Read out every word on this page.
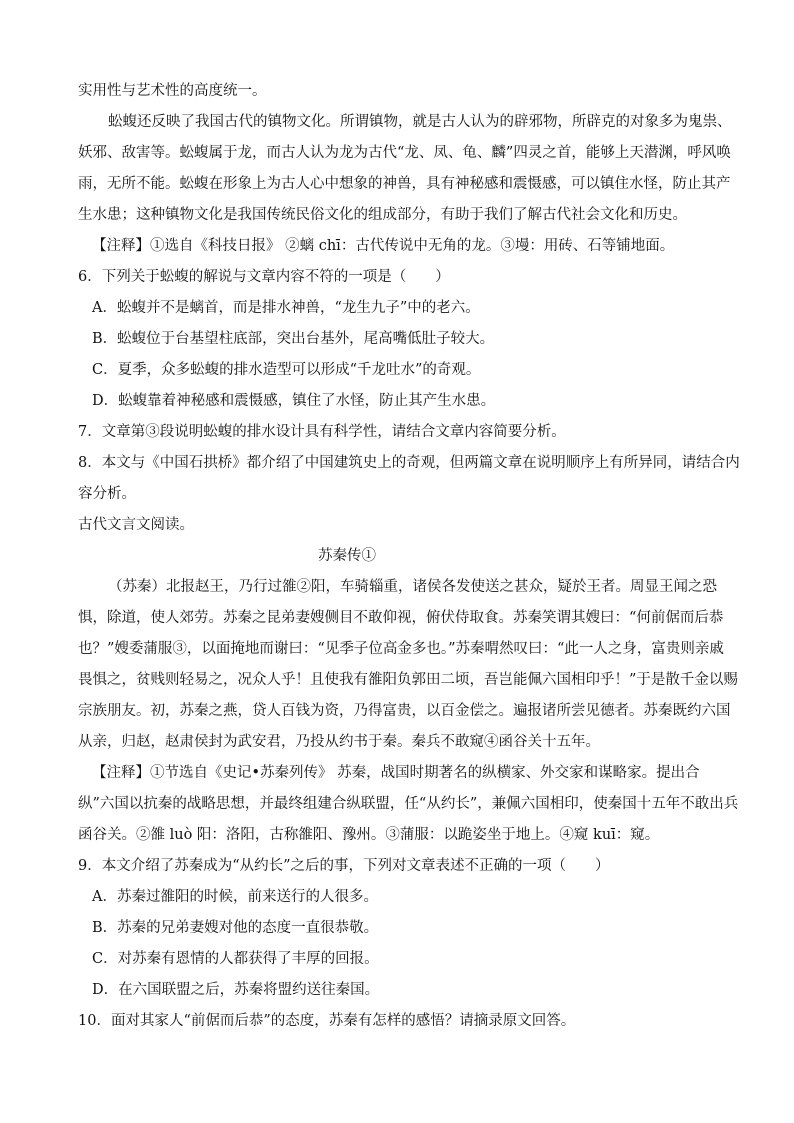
实用性与艺术性的高度统一。
蚣蝮还反映了我国古代的镇物文化。所谓镇物，就是古人认为的辟邪物，所辟克的对象多为鬼祟、
妖邪、敌害等。蚣蝮属于龙，而古人认为龙为古代“龙、凤、龟、麟”四灵之首，能够上天潜渊，呼风唤
雨，无所不能。蚣蝮在形象上为古人心中想象的神兽，具有神秘感和震慑感，可以镇住水怪，防止其产
生水患；这种镇物文化是我国传统民俗文化的组成部分，有助于我们了解古代社会文化和历史。
【注释】①选自《科技日报》 ②螭 chī：古代传说中无角的龙。③墁：用砖、石等铺地面。
6．下列关于蚣蝮的解说与文章内容不符的一项是（　　）
A．蚣蝮并不是螭首，而是排水神兽，“龙生九子”中的老六。
B．蚣蝮位于台基望柱底部，突出台基外，尾高嘴低肚子较大。
C．夏季，众多蚣蝮的排水造型可以形成“千龙吐水”的奇观。
D．蚣蝮靠着神秘感和震慑感，镇住了水怪，防止其产生水患。
7．文章第③段说明蚣蝮的排水设计具有科学性，请结合文章内容简要分析。
8．本文与《中国石拱桥》都介绍了中国建筑史上的奇观，但两篇文章在说明顺序上有所异同，请结合内
容分析。
古代文言文阅读。
苏秦传①
（苏秦）北报赵王，乃行过雒②阳，车骑辎重，诸侯各发使送之甚众，疑於王者。周显王闻之恐
惧，除道，使人郊劳。苏秦之昆弟妻嫂侧目不敢仰视，俯伏侍取食。苏秦笑谓其嫂曰：“何前倨而后恭
也？”嫂委蒲服③，以面掩地而谢曰：“见季子位高金多也。”苏秦喟然叹曰：“此一人之身，富贵则亲戚
畏惧之，贫贱则轻易之，况众人乎！且使我有雒阳负郭田二顷，吾岂能佩六国相印乎！”于是散千金以赐
宗族朋友。初，苏秦之燕，贷人百钱为资，乃得富贵，以百金偿之。遍报诸所尝见德者。苏秦既约六国
从亲，归赵，赵肃侯封为武安君，乃投从约书于秦。秦兵不敢窥④函谷关十五年。
【注释】①节选自《史记•苏秦列传》 苏秦，战国时期著名的纵横家、外交家和谋略家。提出合
纵”六国以抗秦的战略思想，并最终组建合纵联盟，任“从约长”，兼佩六国相印，使秦国十五年不敢出兵
函谷关。②雒 luò 阳：洛阳，古称雒阳、豫州。③蒲服：以跪姿坐于地上。④窥 kuī：窥。
9．本文介绍了苏秦成为“从约长”之后的事，下列对文章表述不正确的一项（　　）
A．苏秦过雒阳的时候，前来送行的人很多。
B．苏秦的兄弟妻嫂对他的态度一直很恭敬。
C．对苏秦有恩情的人都获得了丰厚的回报。
D．在六国联盟之后，苏秦将盟约送往秦国。
10．面对其家人“前倨而后恭”的态度，苏秦有怎样的感悟？请摘录原文回答。
